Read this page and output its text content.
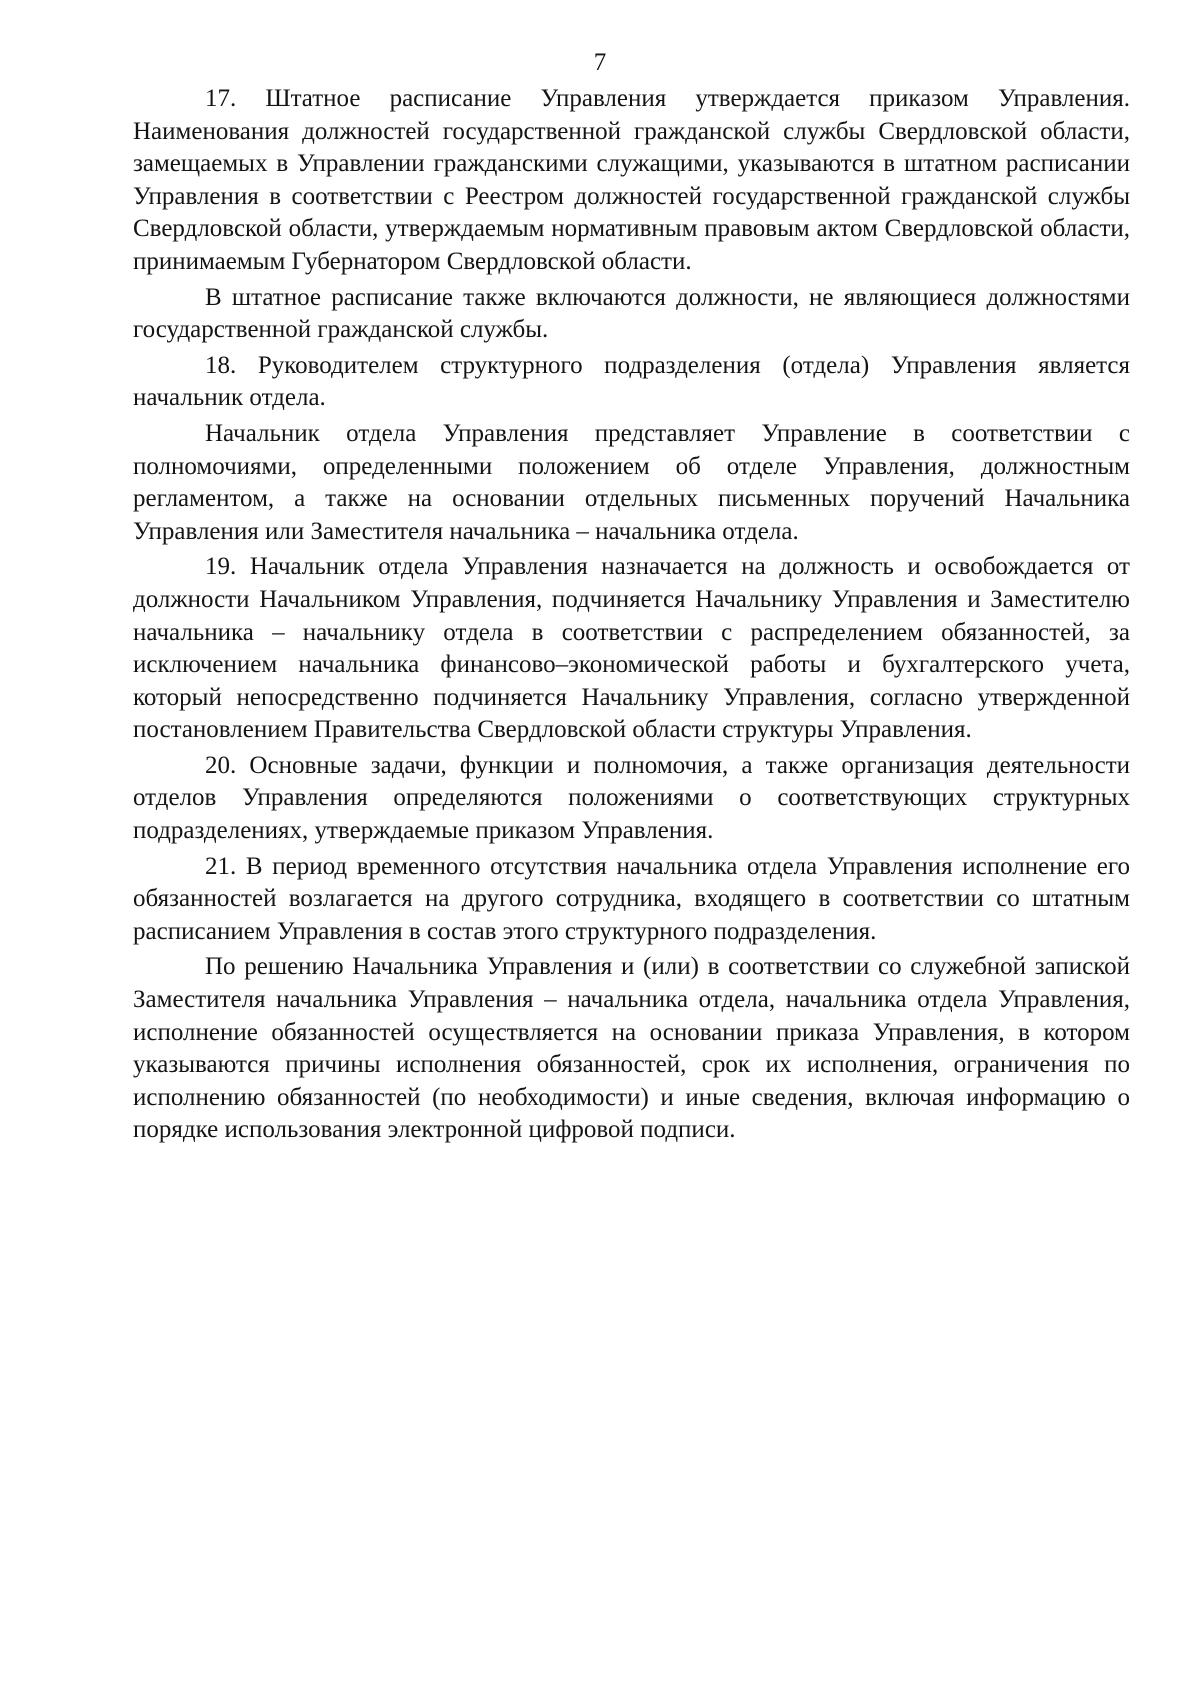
7

17. Штатное расписание Управления утверждается приказом Управления. Наименования должностей государственной гражданской службы Свердловской области, замещаемых в Управлении гражданскими служащими, указываются в штатном расписании Управления в соответствии с Реестром должностей государственной гражданской службы Свердловской области, утверждаемым нормативным правовым актом Свердловской области, принимаемым Губернатором Свердловской области.

В штатное расписание также включаются должности, не являющиеся должностями государственной гражданской службы.

18. Руководителем структурного подразделения (отдела) Управления является начальник отдела.

Начальник отдела Управления представляет Управление в соответствии с полномочиями, определенными положением об отделе Управления, должностным регламентом, а также на основании отдельных письменных поручений Начальника Управления или Заместителя начальника – начальника отдела.

19. Начальник отдела Управления назначается на должность и освобождается от должности Начальником Управления, подчиняется Начальнику Управления и Заместителю начальника – начальнику отдела в соответствии с распределением обязанностей, за исключением начальника финансово–экономической работы и бухгалтерского учета, который непосредственно подчиняется Начальнику Управления, согласно утвержденной постановлением Правительства Свердловской области структуры Управления.

20. Основные задачи, функции и полномочия, а также организация деятельности отделов Управления определяются положениями о соответствующих структурных подразделениях, утверждаемые приказом Управления.

21. В период временного отсутствия начальника отдела Управления исполнение его обязанностей возлагается на другого сотрудника, входящего в соответствии со штатным расписанием Управления в состав этого структурного подразделения.

По решению Начальника Управления и (или) в соответствии со служебной запиской Заместителя начальника Управления – начальника отдела, начальника отдела Управления, исполнение обязанностей осуществляется на основании приказа Управления, в котором указываются причины исполнения обязанностей, срок их исполнения, ограничения по исполнению обязанностей (по необходимости) и иные сведения, включая информацию о порядке использования электронной цифровой подписи.
